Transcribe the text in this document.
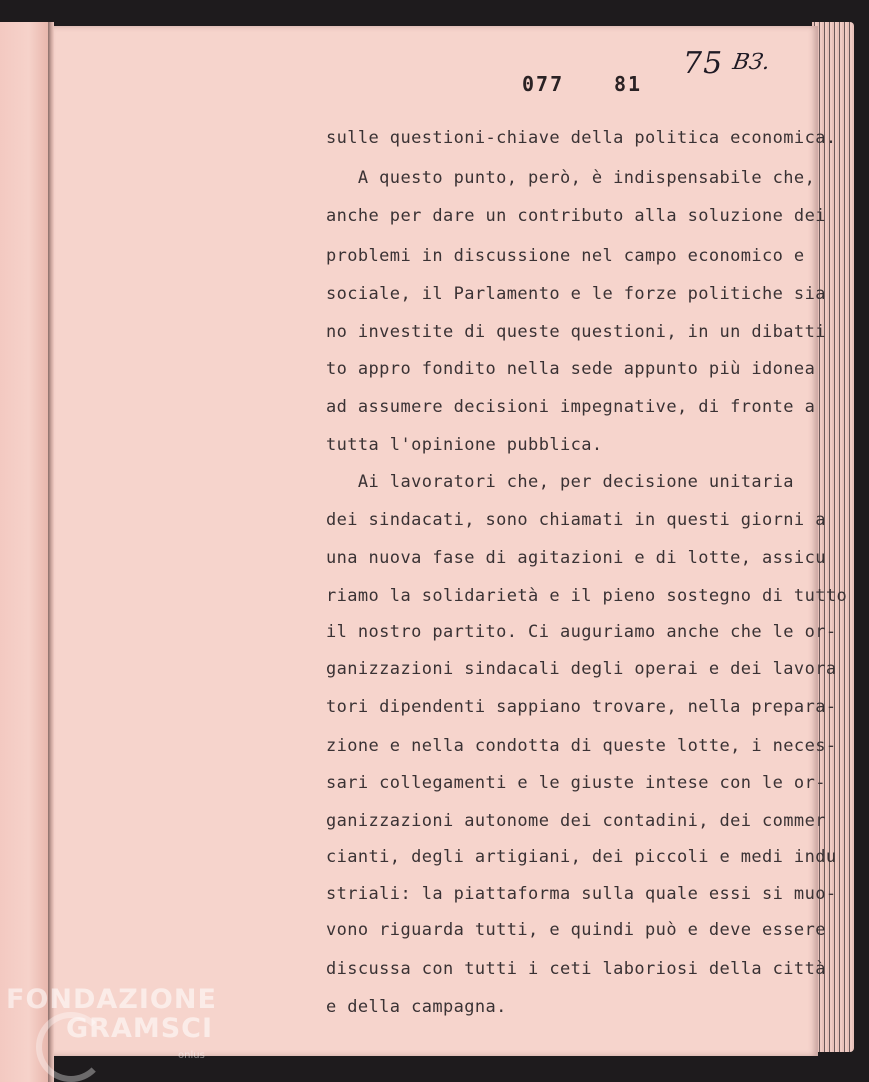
077 81
75 ВЗ.
sulle questioni-chiave della politica economica.
A questo punto, però, è indispensabile che,
anche per dare un contributo alla soluzione dei
problemi in discussione nel campo economico e
sociale, il Parlamento e le forze politiche sia
no investite di queste questioni, in un dibatti
to appro fondito nella sede appunto più idonea
ad assumere decisioni impegnative, di fronte a
tutta l'opinione pubblica.
Ai lavoratori che, per decisione unitaria
dei sindacati, sono chiamati in questi giorni a
una nuova fase di agitazioni e di lotte, assicu
riamo la solidarietà e il pieno sostegno di tutto
il nostro partito. Ci auguriamo anche che le or-
ganizzazioni sindacali degli operai e dei lavora
tori dipendenti sappiano trovare, nella prepara-
zione e nella condotta di queste lotte, i neces-
sari collegamenti e le giuste intese con le or-
ganizzazioni autonome dei contadini, dei commer
cianti, degli artigiani, dei piccoli e medi indu
striali: la piattaforma sulla quale essi si muo-
vono riguarda tutti, e quindi può e deve essere
discussa con tutti i ceti laboriosi della città
e della campagna.
FONDAZIONE
GRAMSCI
onlus
